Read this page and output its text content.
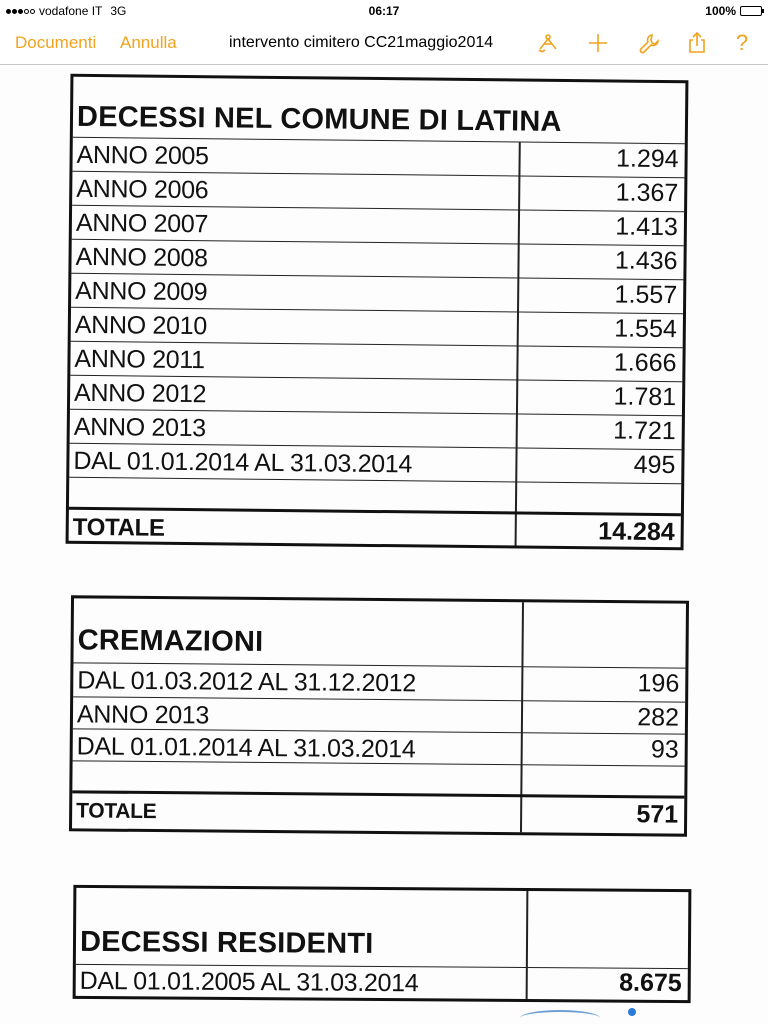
vodafone IT 3G	06:17	100%
Documenti Annulla	intervento cimitero CC21maggio2014	?
DECESSI NEL COMUNE DI LATINA
ANNO 2005	1.294
ANNO 2006	1.367
ANNO 2007	1.413
ANNO 2008	1.436
ANNO 2009	1.557
ANNO 2010	1.554
ANNO 2011	1.666
ANNO 2012	1.781
ANNO 2013	1.721
DAL 01.01.2014 AL 31.03.2014	495
TOTALE	14.284
CREMAZIONI
DAL 01.03.2012 AL 31.12.2012	196
ANNO 2013	282
DAL 01.01.2014 AL 31.03.2014	93
TOTALE	571
DECESSI RESIDENTI
DAL 01.01.2005 AL 31.03.2014	8.675
